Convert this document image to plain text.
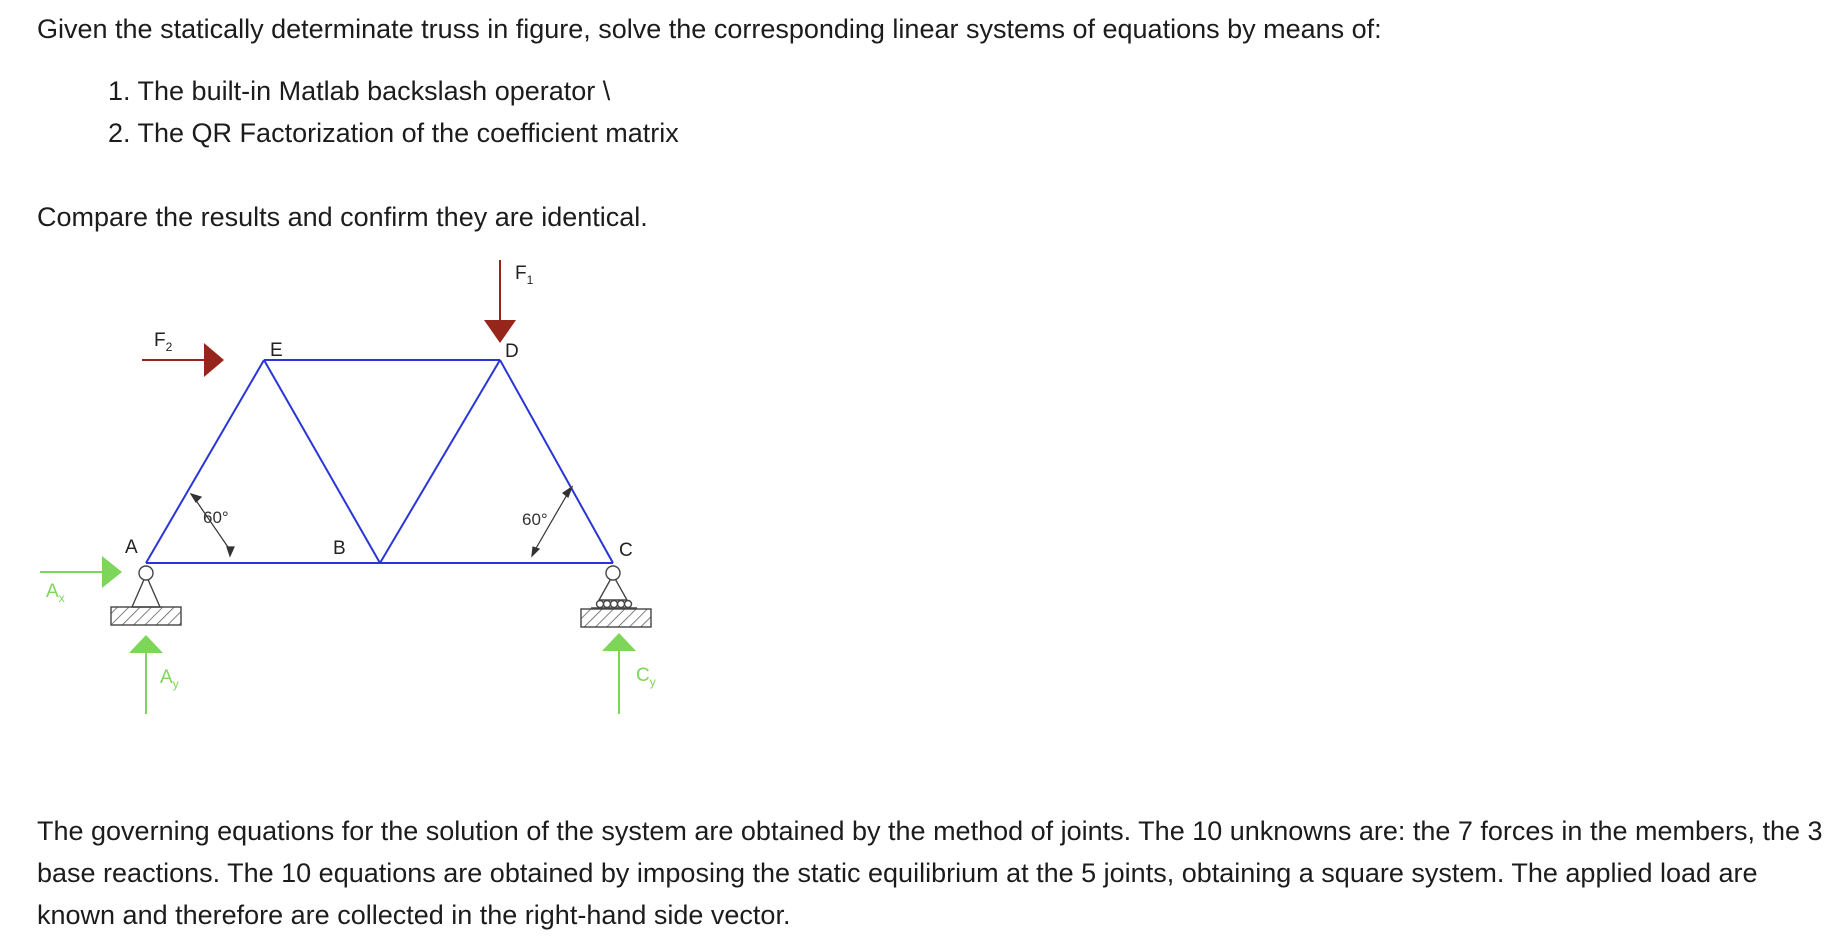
Given the statically determinate truss in figure, solve the corresponding linear systems of equations by means of:

1. The built-in Matlab backslash operator \
2. The QR Factorization of the coefficient matrix

Compare the results and confirm they are identical.

60°	60°
A	B	C
D
E
$F_1$
$F_2$
$A_x$
$A_y$	$C_y$

The governing equations for the solution of the system are obtained by the method of joints. The 10 unknowns are: the 7 forces in the members, the 3 base reactions. The 10 equations are obtained by imposing the static equilibrium at the 5 joints, obtaining a square system. The applied load are known and therefore are collected in the right-hand side vector.
